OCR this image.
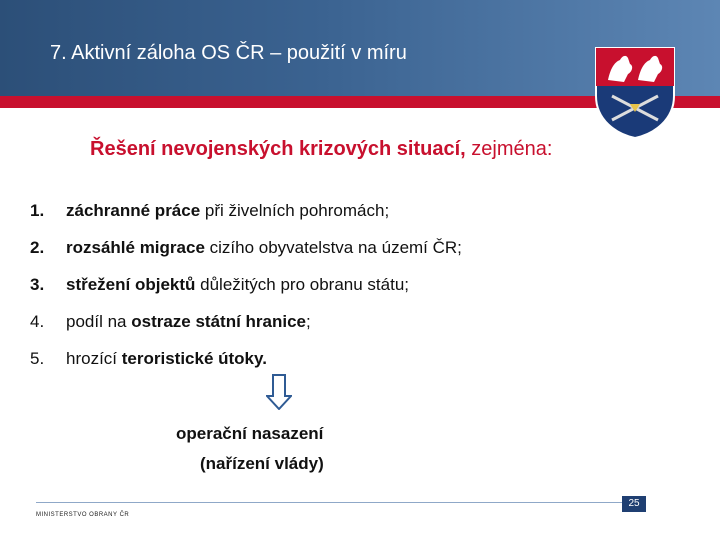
7. Aktivní záloha OS ČR – použití v míru
Řešení nevojenských krizových situací, zejména:
1.	záchranné práce při živelních pohromách;
2.	rozsáhlé migrace cizího obyvatelstva na území ČR;
3.	střežení objektů důležitých pro obranu státu;
4.	podíl na ostraze státní hranice;
5.	hrozící teroristické útoky.
operační nasazení
(nařízení vlády)
MINISTERSTVO OBRANY ČR
25
